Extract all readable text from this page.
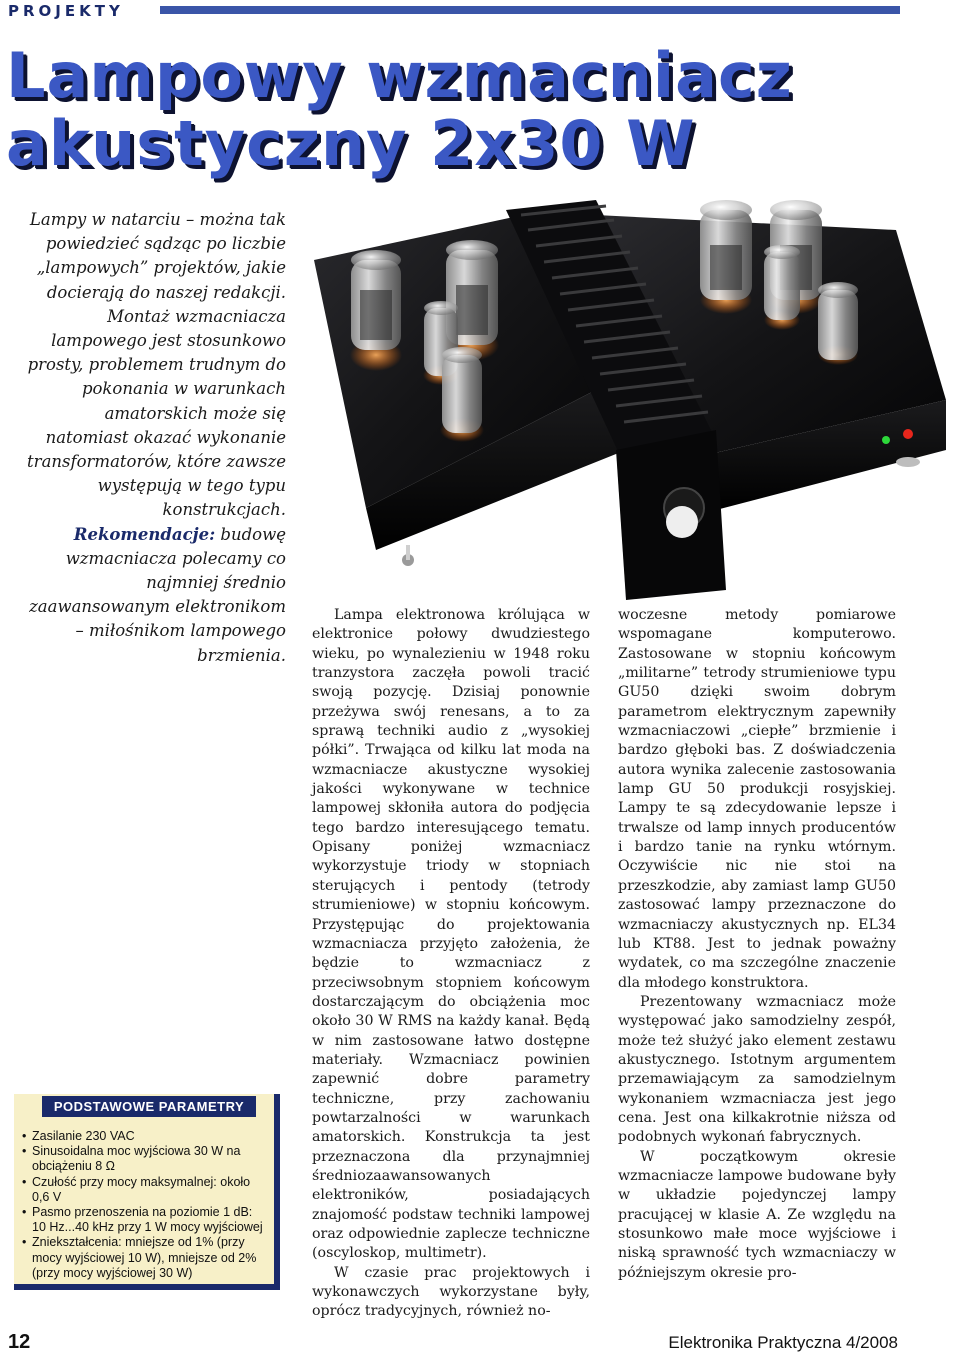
PROJEKTY
Lampowy wzmacniacz
akustyczny 2x30 W
Lampy w natarciu – można tak powiedzieć sądząc po liczbie „lampowych” projektów, jakie docierają do naszej redakcji. Montaż wzmacniacza lampowego jest stosunkowo prosty, problemem trudnym do pokonania w warunkach amatorskich może się natomiast okazać wykonanie transformatorów, które zawsze występują w tego typu konstrukcjach. Rekomendacje: budowę wzmacniacza polecamy co najmniej średnio zaawansowanym elektronikom – miłośnikom lampowego brzmienia.
PODSTAWOWE PARAMETRY
• Zasilanie 230 VAC
• Sinusoidalna moc wyjściowa 30 W na obciążeniu 8 Ω
• Czułość przy mocy maksymalnej: około 0,6 V
• Pasmo przenoszenia na poziomie 1 dB: 10 Hz...40 kHz przy 1 W mocy wyjściowej
• Zniekształcenia: mniejsze od 1% (przy mocy wyjściowej 10 W), mniejsze od 2% (przy mocy wyjściowej 30 W)

Lampa elektronowa królująca w elektronice połowy dwudziestego wieku, po wynalezieniu w 1948 roku tranzystora zaczęła powoli tracić swoją pozycję. Dzisiaj ponownie przeżywa swój renesans, a to za sprawą techniki audio z „wysokiej półki”. Trwająca od kilku lat moda na wzmacniacze akustyczne wysokiej jakości wykonywane w technice lampowej skłoniła autora do podjęcia tego bardzo interesującego tematu. Opisany poniżej wzmacniacz wykorzystuje triody w stopniach sterujących i pentody (tetrody strumieniowe) w stopniu końcowym. Przystępując do projektowania wzmacniacza przyjęto założenia, że będzie to wzmacniacz z przeciwsobnym stopniem końcowym dostarczającym do obciążenia moc około 30 W RMS na każdy kanał. Będą w nim zastosowane łatwo dostępne materiały. Wzmacniacz powinien zapewnić dobre parametry techniczne, przy zachowaniu powtarzalności w warunkach amatorskich. Konstrukcja ta jest przeznaczona dla przynajmniej średniozaawansowanych elektroników, posiadających znajomość podstaw techniki lampowej oraz odpowiednie zaplecze techniczne (oscyloskop, multimetr).

W czasie prac projektowych i wykonawczych wykorzystane były, oprócz tradycyjnych, również no-

woczesne metody pomiarowe wspomagane komputerowo. Zastosowane w stopniu końcowym „militarne” tetrody strumieniowe typu GU50 dzięki swoim dobrym parametrom elektrycznym zapewniły wzmacniaczowi „ciepłe” brzmienie i bardzo głęboki bas. Z doświadczenia autora wynika zalecenie zastosowania lamp GU 50 produkcji rosyjskiej. Lampy te są zdecydowanie lepsze i trwalsze od lamp innych producentów i bardzo tanie na rynku wtórnym. Oczywiście nic nie stoi na przeszkodzie, aby zamiast lamp GU50 zastosować lampy przeznaczone do wzmacniaczy akustycznych np. EL34 lub KT88. Jest to jednak poważny wydatek, co ma szczególne znaczenie dla młodego konstruktora.

Prezentowany wzmacniacz może występować jako samodzielny zespół, może też służyć jako element zestawu akustycznego. Istotnym argumentem przemawiającym za samodzielnym wykonaniem wzmacniacza jest jego cena. Jest ona kilkakrotnie niższa od podobnych wykonań fabrycznych.

W początkowym okresie wzmacniacze lampowe budowane były w układzie pojedynczej lampy pracującej w klasie A. Ze względu na stosunkowo małe moce wyjściowe i niską sprawność tych wzmacniaczy w późniejszym okresie pro-

12	Elektronika Praktyczna 4/2008
